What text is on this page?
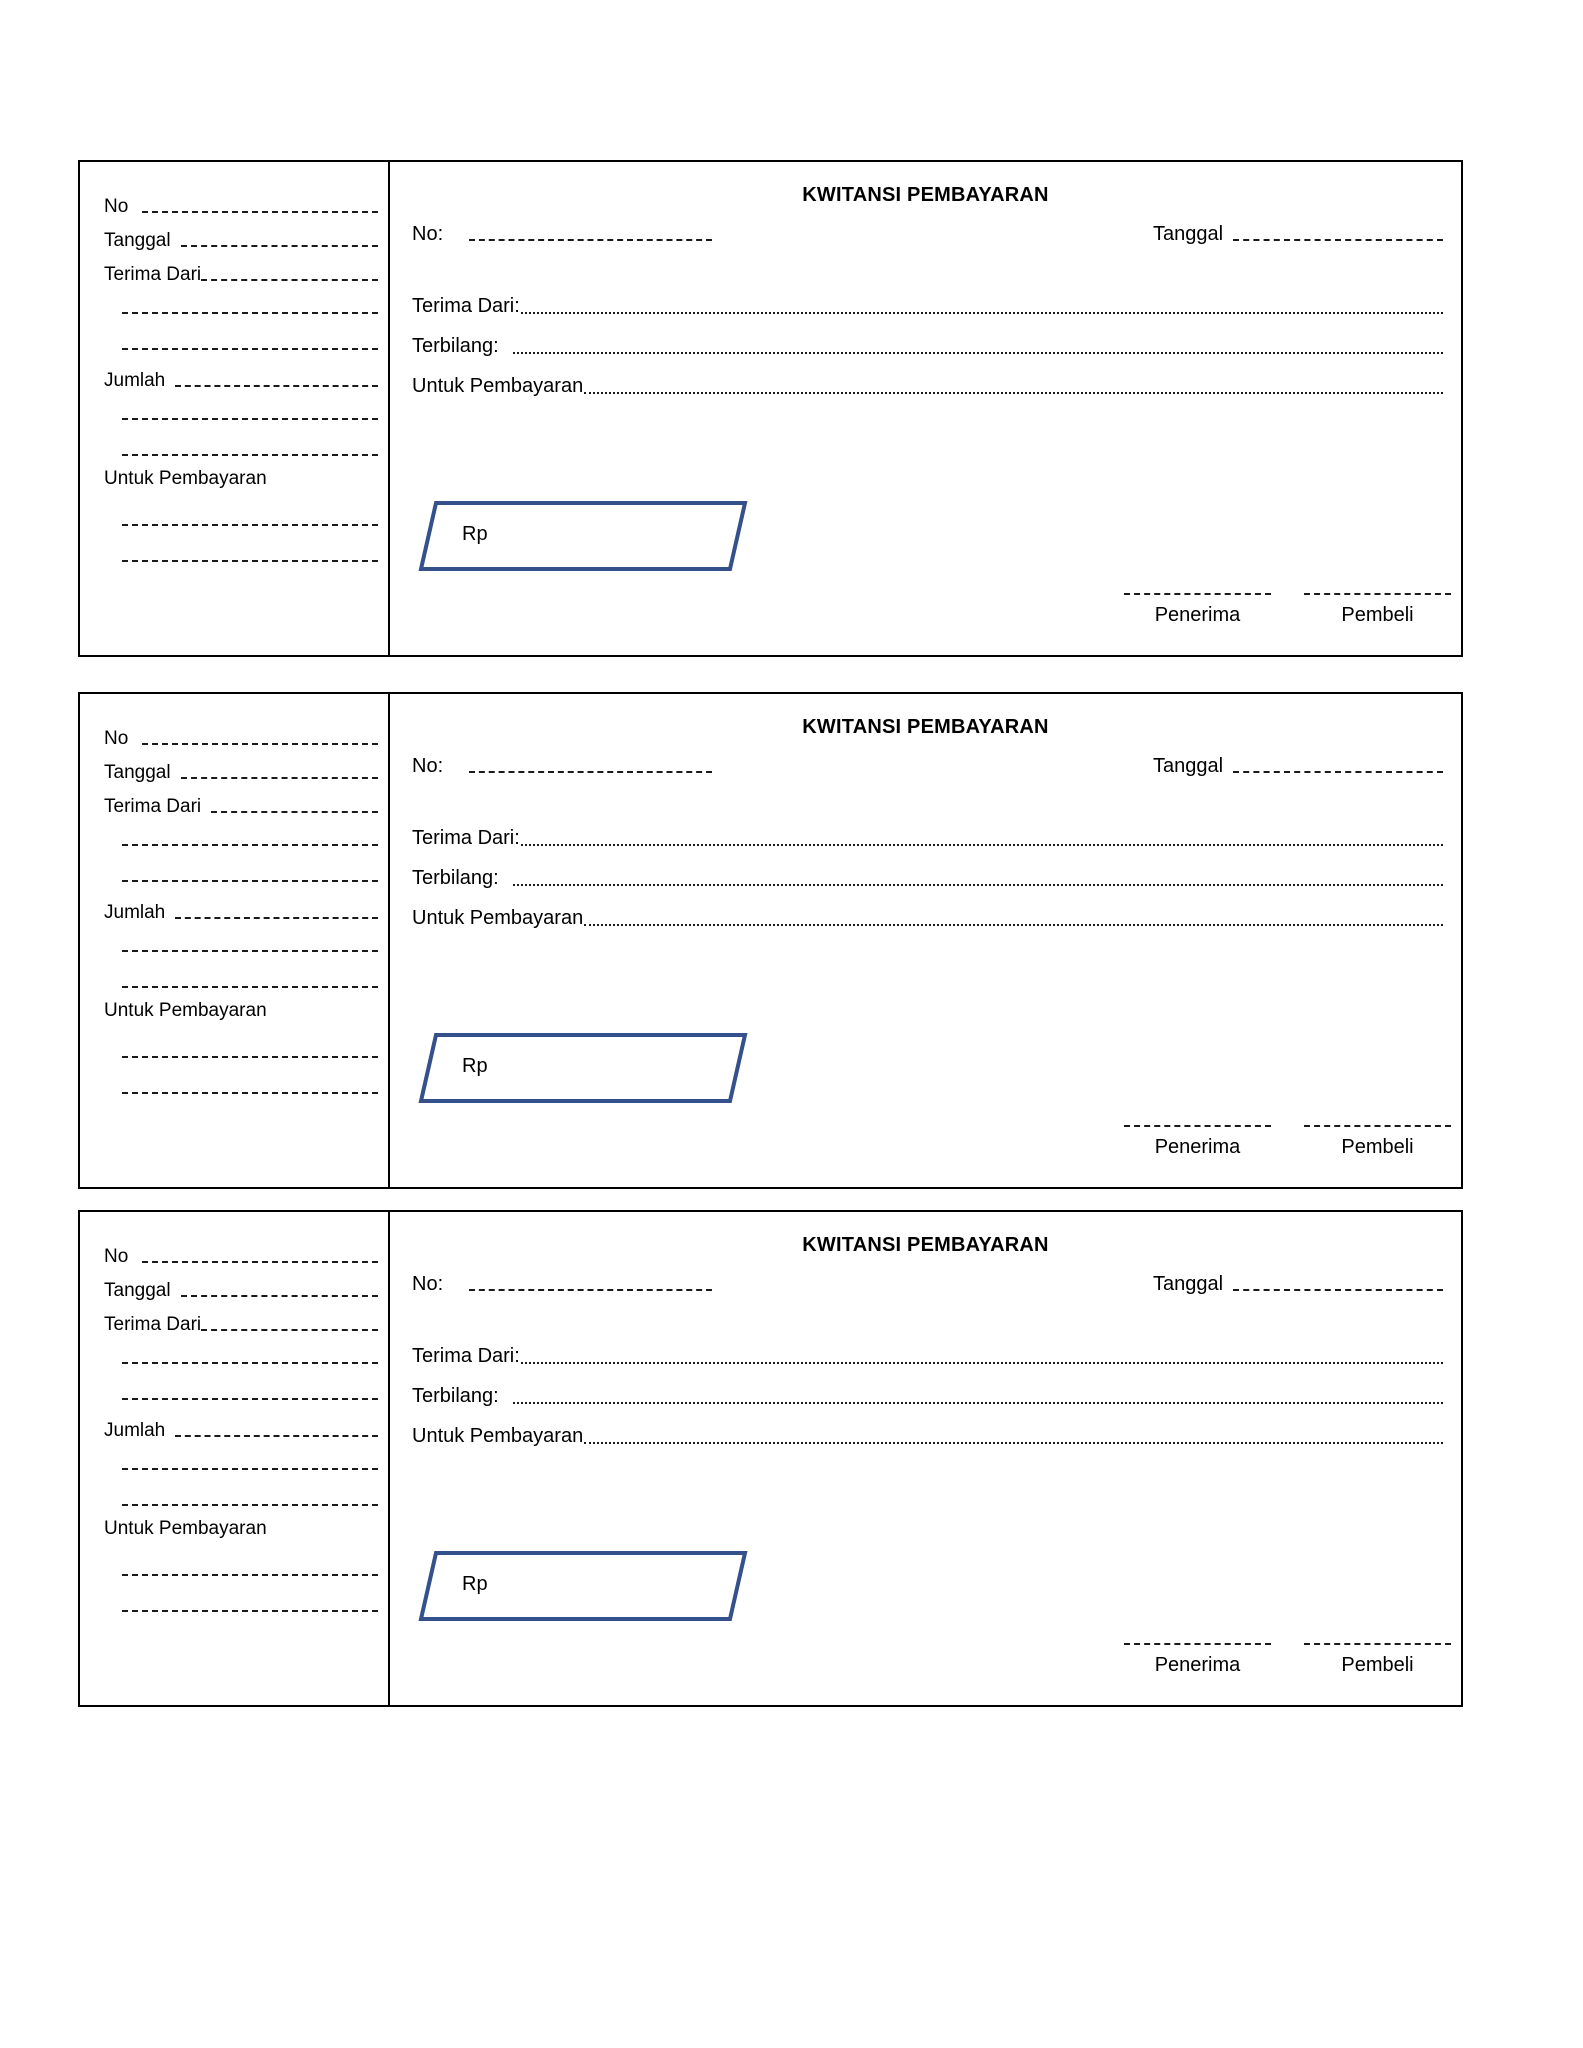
No
Tanggal
Terima Dari
Jumlah
Untuk Pembayaran
KWITANSI PEMBAYARAN
No:	Tanggal
Terima Dari:
Terbilang:
Untuk Pembayaran
Rp
Penerima	Pembeli
No
Tanggal
Terima Dari
Jumlah
Untuk Pembayaran
KWITANSI PEMBAYARAN
No:	Tanggal
Terima Dari:
Terbilang:
Untuk Pembayaran
Rp
Penerima	Pembeli
No
Tanggal
Terima Dari
Jumlah
Untuk Pembayaran
KWITANSI PEMBAYARAN
No:	Tanggal
Terima Dari:
Terbilang:
Untuk Pembayaran
Rp
Penerima	Pembeli
